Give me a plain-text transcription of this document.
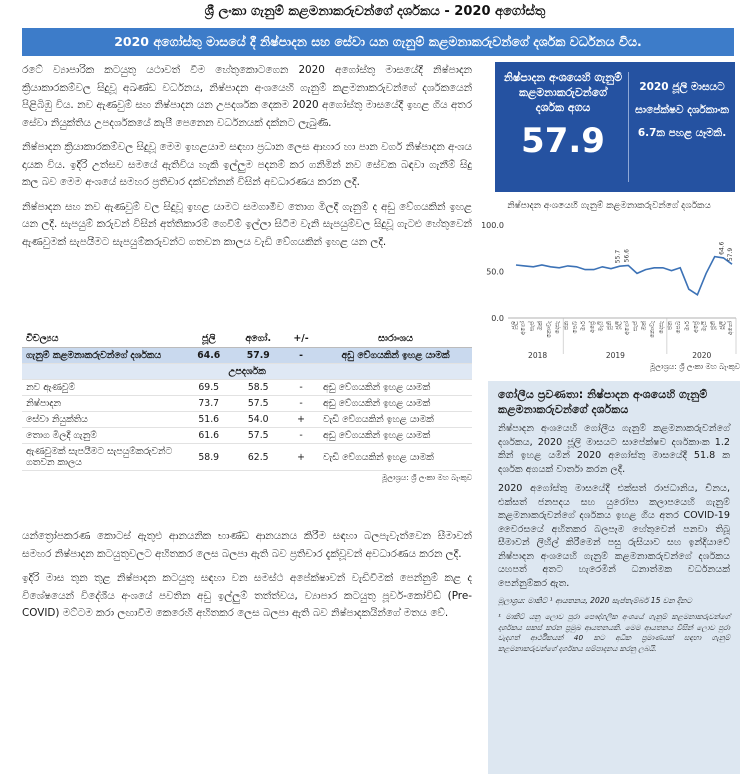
ශ්‍රී ලංකා ගැනුම් කළමනාකරුවන්ගේ දර්ශකය - 2020 අගෝස්තු
2020 අගෝස්තු මාසයේ දී නිෂ්පාදන සහ සේවා යන ගැනුම් කළමනාකරුවන්ගේ දර්ශක වර්ධනය විය.

රටේ ව්‍යාපාරික කටයුතු යථාවත් වීම හේතුකොටගෙන 2020 අගෝස්තු මාසයේදී නිෂ්පාදන ක්‍රියාකාරකම්වල සිදුවූ අඛණ්ඩ වර්ධනය, නිෂ්පාදන අංශයෙහි ගැනුම් කළමනාකරුවන්ගේ දර්ශකයෙන් පිළිබිඹු විය. නව ඇණවුම් සහ නිෂ්පාදන යන උපදර්ශක දෙකම 2020 අගෝස්තු මාසයේදී ඉහළ ගිය අතර සේවා නියුක්තිය උපදර්ශකයේ කැපී පෙනෙන වර්ධනයක් දක්නට ලැබුණි.

නිෂ්පාදන ක්‍රියාකාරකම්වල සිදුවූ මෙම ඉහළයාම සඳහා ප්‍රධාන ලෙස ආහාර හා පාන වර්ග නිෂ්පාදන අංශය දායක විය. ඉදිරි උත්සව සමයේ ඇතිවිය හැකි ඉල්ලුම පදනම් කර ගනිමින් නව සේවක බඳවා ගැනීම් සිදු කල බව මෙම අංශයේ සමහර ප්‍රතිචාර දක්වන්නන් විසින් අවධාරණය කරන ලදී.

නිෂ්පාදන සහ නව ඇණවුම් වල සිදුවූ ඉහළ යාමට සමගාමීව තොග මිලදී ගැනුම් ද අඩු වේගයකින් ඉහළ යන ලදී. සැපයුම් කරුවන් විසින් අත්තිකාරම් ගෙවීම් ඉල්ලා සිටීම වැනි සැපයුම්වල සිදුවූ ගැටළු හේතුවෙන් ඇණවුමක් සැපයීමට සැපයුම්කරුවන්ට ගතවන කාලය වැඩි වේගයකින් ඉහළ යන ලදී.

විචල්‍යය	ජූලි	අගෝ.	+/-	සාරාංශය
ගැනුම් කළමනාකරුවන්ගේ දර්ශකය	64.6	57.9	-	අඩු වේගයකින් ඉහළ යාමක්
උපදර්ශක				
නව ඇණවුම්	69.5	58.5	-	අඩු වේගයකින් ඉහළ යාමක්
නිෂ්පාදන	73.7	57.5	-	අඩු වේගයකින් ඉහළ යාමක්
සේවා නියුක්තිය	51.6	54.0	+	වැඩි වේගයකින් ඉහළ යාමක්
තොග මිලදී ගැනුම්	61.6	57.5	-	අඩු වේගයකින් ඉහළ යාමක්
ඇණවුමක් සැපයීමට සැපයුම්කරුවන්ට ගතවන කාලය	58.9	62.5	+	වැඩි වේගයකින් ඉහළ යාමක්
මූලාශ්‍රය: ශ්‍රී ලංකා මහ බැංකුව

යන්ත්‍රෝපකරණ කොටස් ඇතුළු ආනයනික භාණ්ඩ ආනයනය කිරීම සඳහා බලපැවැත්වෙන සීමාවන් සමහර නිෂ්පාදන කටයුතුවලට අහිතකර ලෙස බලපා ඇති බව ප්‍රතිචාර දැක්වූවන් අවධාරණය කරන ලදී.

ඉදිරි මාස තුන තුළ නිෂ්පාදන කටයුතු සඳහා වන සමස්ථ අපේක්ෂාවන් වැඩිවීමක් පෙන්නුම් කළ ද විශේෂයෙන් විදේශීය අංශයේ පවතින අඩු ඉල්ලුම් තත්ත්වය, ව්‍යාපාර කටයුතු පූර්ව-කෝවිඩ් (Pre-COVID) මට්ටම කරා ලඟාවීම කෙරෙහි අහිතකර ලෙස බලපා ඇති බව නිෂ්පාදකයින්ගේ මතය වේ.

නිෂ්පාදන අංශයෙහි ගැනුම් කළමනාකරුවන්ගේ දර්ශක අගය
57.9
2020 ජූලි මාසයට සාපේක්ෂව දර්ශකාංක 6.7ක පහළ යෑමකි.
නිෂ්පාදන අංශයෙහි ගැනුම් කළමනාකරුවන්ගේ දර්ශකය
0.0
50.0
100.0
ජූලි අගෝ සැප් ඔක් නොවැ දෙසැ ජන පෙබ මාර් අප්‍රේ මැයි ජූනි ජූලි අගෝ සැප් ඔක් නොවැ දෙසැ ජන පෙබ මාර් අප්‍රේ මැයි ජූනි ජූලි අගෝ
2018	2019	2020
55.7 56.6
64.6 57.9
මූලාශ්‍රය: ශ්‍රී ලංකා මහ බැංකුව
ගෝලීය ප්‍රවණතා: නිෂ්පාදන අංශයෙහි ගැනුම් කළමනාකරුවන්ගේ දර්ශකය

නිෂ්පාදන අංශයෙහි ගෝලීය ගැනුම් කළමනාකරුවන්ගේ දර්ශකය, 2020 ජූලි මාසයට සාපේක්ෂව දර්ශකාංක 1.2 කින් ඉහළ යමින් 2020 අගෝස්තු මාසයේදී 51.8 ක දර්ශක අගයක් වාර්තා කරන ලදී.

2020 අගෝස්තු මාසයේදී එක්සත් රාජධානිය, චීනය, එක්සත් ජනපදය සහ යුරෝපා කලාපයෙහි ගැනුම් කළමනාකරුවන්ගේ දර්ශකය ඉහළ ගිය අතර COVID-19 වෛරසයේ අහිතකර බලපෑම හේතුවෙන් පනවා තිබූ සීමාවන් ලිහිල් කිරීමෙන් පසු රුසියාව සහ ඉන්දියාවේ නිෂ්පාදන අංශයෙහි ගැනුම් කළමනාකරුවන්ගේ දර්ශකය යහපත් අතට හැරෙමින් ධනාත්මක වර්ධනයක් පෙන්නුම්කර ඇත.

මූලාශ්‍රය: මාකිට් ¹ ආයතනය, 2020 සැප්තැම්බර් 15 වන දිනට
¹ මාකිට් යනු ලොව පුරා පෞද්ගලික අංශයේ ගැනුම් කළමනාකරුවන්ගේ දර්ශකය සකස් කරන ප්‍රමුඛ ආයතනයකි. මෙම ආයතනය විසින් ලොව පුරා වැදගත් ආර්ථිකයන් 40 කට අධික ප්‍රමාණයක් සඳහා ගැනුම් කළමනාකරුවන්ගේ දර්ශකය සම්පාදනය කරනු ලබයි.
